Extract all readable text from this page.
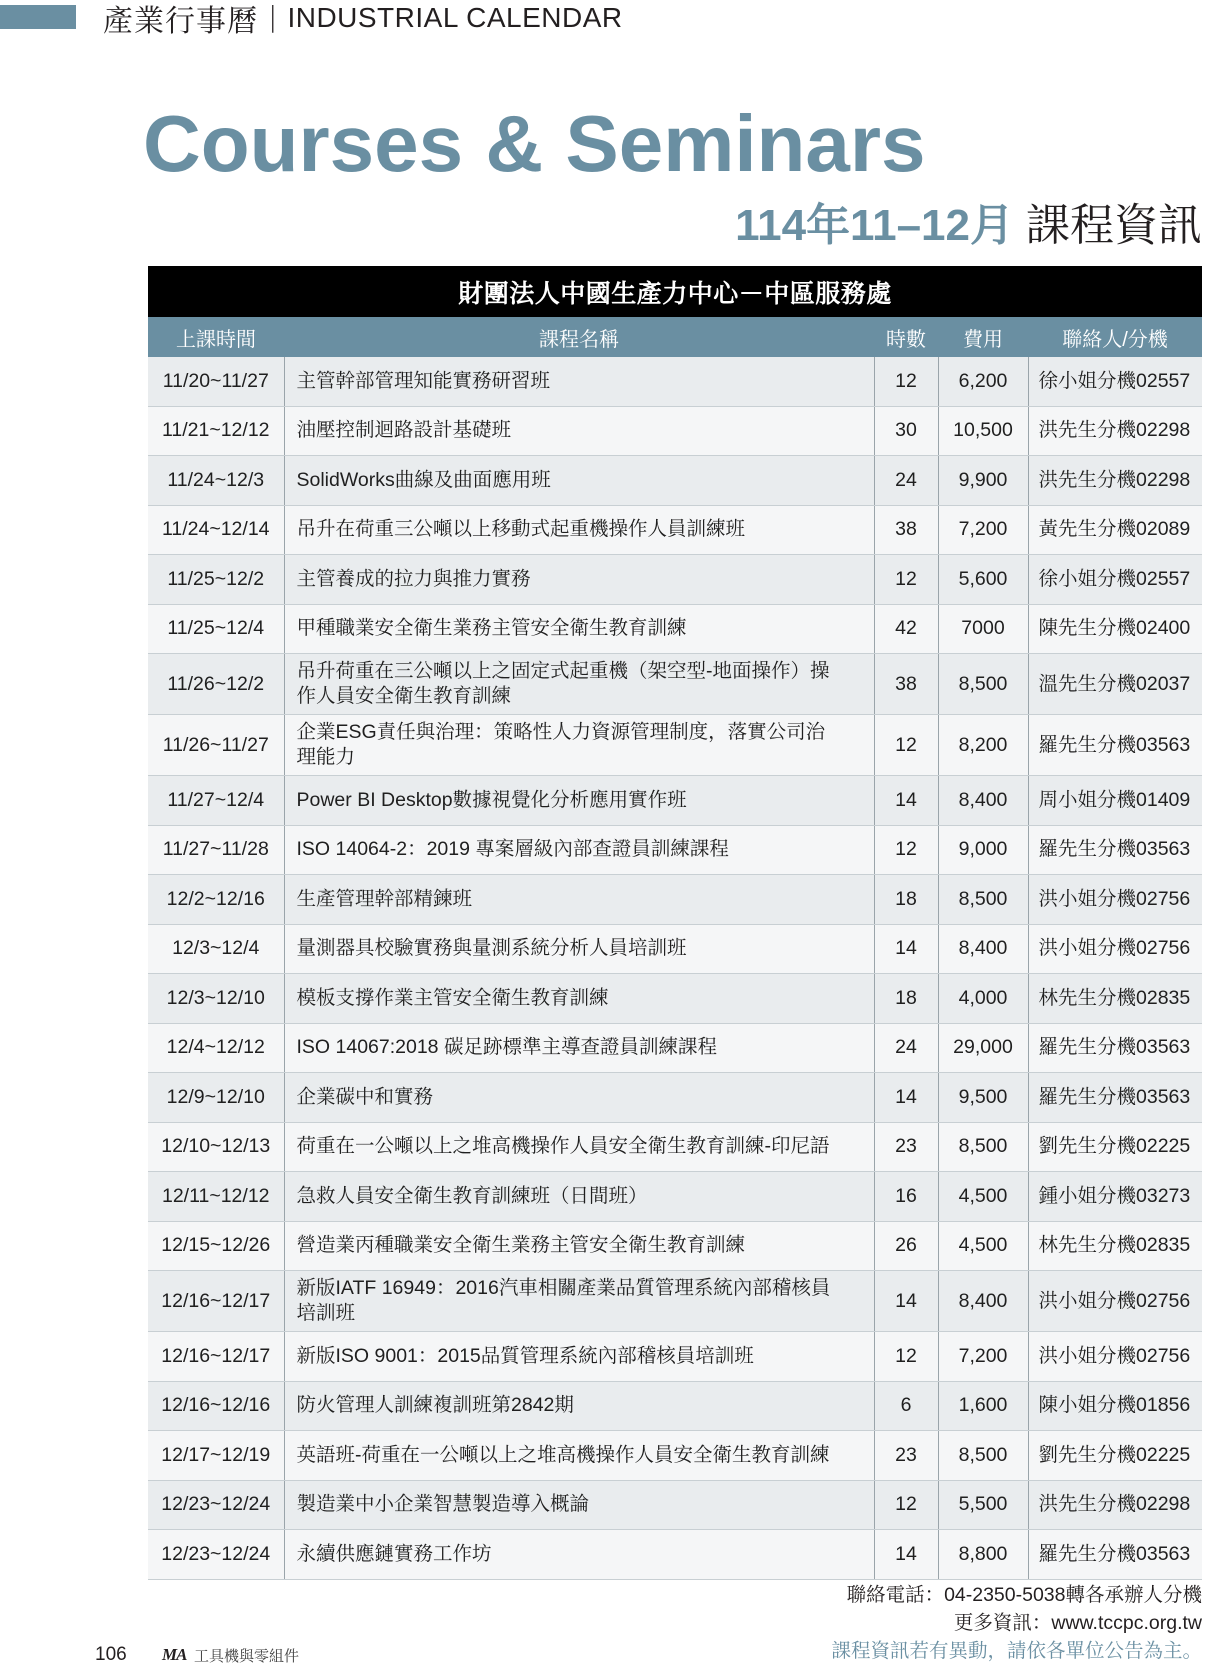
產業行事曆 | INDUSTRIAL CALENDAR
Courses & Seminars
114年11–12月 課程資訊
財團法人中國生產力中心－中區服務處				
上課時間	課程名稱	時數	費用	聯絡人/分機
11/20~11/27	主管幹部管理知能實務研習班	12	6,200	徐小姐分機02557
11/21~12/12	油壓控制迴路設計基礎班	30	10,500	洪先生分機02298
11/24~12/3	SolidWorks曲線及曲面應用班	24	9,900	洪先生分機02298
11/24~12/14	吊升在荷重三公噸以上移動式起重機操作人員訓練班	38	7,200	黃先生分機02089
11/25~12/2	主管養成的拉力與推力實務	12	5,600	徐小姐分機02557
11/25~12/4	甲種職業安全衛生業務主管安全衛生教育訓練	42	7000	陳先生分機02400
11/26~12/2	吊升荷重在三公噸以上之固定式起重機（架空型-地面操作）操作人員安全衛生教育訓練	38	8,500	溫先生分機02037
11/26~11/27	企業ESG責任與治理：策略性人力資源管理制度，落實公司治理能力	12	8,200	羅先生分機03563
11/27~12/4	Power BI Desktop數據視覺化分析應用實作班	14	8,400	周小姐分機01409
11/27~11/28	ISO 14064-2：2019 專案層級內部查證員訓練課程	12	9,000	羅先生分機03563
12/2~12/16	生產管理幹部精鍊班	18	8,500	洪小姐分機02756
12/3~12/4	量測器具校驗實務與量測系統分析人員培訓班	14	8,400	洪小姐分機02756
12/3~12/10	模板支撐作業主管安全衛生教育訓練	18	4,000	林先生分機02835
12/4~12/12	ISO 14067:2018 碳足跡標準主導查證員訓練課程	24	29,000	羅先生分機03563
12/9~12/10	企業碳中和實務	14	9,500	羅先生分機03563
12/10~12/13	荷重在一公噸以上之堆高機操作人員安全衛生教育訓練-印尼語	23	8,500	劉先生分機02225
12/11~12/12	急救人員安全衛生教育訓練班（日間班）	16	4,500	鍾小姐分機03273
12/15~12/26	營造業丙種職業安全衛生業務主管安全衛生教育訓練	26	4,500	林先生分機02835
12/16~12/17	新版IATF 16949：2016汽車相關產業品質管理系統內部稽核員培訓班	14	8,400	洪小姐分機02756
12/16~12/17	新版ISO 9001：2015品質管理系統內部稽核員培訓班	12	7,200	洪小姐分機02756
12/16~12/16	防火管理人訓練複訓班第2842期	6	1,600	陳小姐分機01856
12/17~12/19	英語班-荷重在一公噸以上之堆高機操作人員安全衛生教育訓練	23	8,500	劉先生分機02225
12/23~12/24	製造業中小企業智慧製造導入概論	12	5,500	洪先生分機02298
12/23~12/24	永續供應鏈實務工作坊	14	8,800	羅先生分機03563
聯絡電話：04-2350-5038轉各承辦人分機
更多資訊：www.tccpc.org.tw
課程資訊若有異動，請依各單位公告為主。
106	MA 工具機與零組件
